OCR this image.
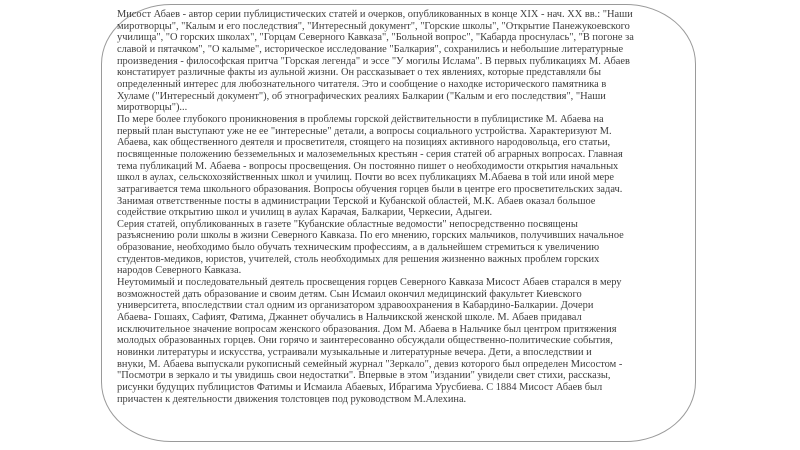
Мисост Абаев - автор серии публицистических статей и очерков, опубликованных в конце XIX - нач. XX вв.: "Наши
миротворцы", "Калым и его последствия", "Интересный документ", "Горские школы", "Открытие Панежукоевского
училища", "О горских школах", "Горцам Северного Кавказа", "Больной вопрос", "Кабарда проснулась", "В погоне за
славой и пятачком", "О калыме", историческое исследование "Балкария", сохранились и небольшие литературные
произведения - философская притча "Горская легенда" и эссе "У могилы Ислама". В первых публикациях М. Абаев
констатирует различные факты из аульной жизни. Он рассказывает о тех явлениях, которые представляли бы
определенный интерес для любознательного читателя. Это и сообщение о находке исторического памятника в
Хуламе ("Интересный документ"), об этнографических реалиях Балкарии ("Калым и его последствия", "Наши
миротворцы")...
По мере более глубокого проникновения в проблемы горской действительности в публицистике М. Абаева на
первый план выступают уже не ее "интересные" детали, а вопросы социального устройства. Характеризуют М.
Абаева, как общественного деятеля и просветителя, стоящего на позициях активного народовольца, его статьи,
посвященные положению безземельных и малоземельных крестьян - серия статей об аграрных вопросах. Главная
тема публикаций М. Абаева - вопросы просвещения. Он постоянно пишет о необходимости открытия начальных
школ в аулах, сельскохозяйственных школ и училищ. Почти во всех публикациях М.Абаева в той или иной мере
затрагивается тема школьного образования. Вопросы обучения горцев были в центре его просветительских задач.
Занимая ответственные посты в администрации Терской и Кубанской областей, М.К. Абаев оказал большое
содействие открытию школ и училищ в аулах Карачая, Балкарии, Черкесии, Адыгеи.
Серия статей, опубликованных в газете "Кубанские областные ведомости" непосредственно посвящены
разъяснению роли школы в жизни Северного Кавказа. По его мнению, горских мальчиков, получивших начальное
образование, необходимо было обучать техническим профессиям, а в дальнейшем стремиться к увеличению
студентов-медиков, юристов, учителей, столь необходимых для решения жизненно важных проблем горских
народов Северного Кавказа.
Неутомимый и последовательный деятель просвещения горцев Северного Кавказа Мисост Абаев старался в меру
возможностей дать образование и своим детям. Сын Исмаил окончил медицинский факультет Киевского
университета, впоследствии стал одним из организатором здравоохранения в Кабардино-Балкарии. Дочери
Абаева- Гошаях, Сафият, Фатима, Джаннет обучались в Нальчикской женской школе. М. Абаев придавал
исключительное значение вопросам женского образования. Дом М. Абаева в Нальчике был центром притяжения
молодых образованных горцев. Они горячо и заинтересованно обсуждали общественно-политические события,
новинки литературы и искусства, устраивали музыкальные и литературные вечера. Дети, а впоследствии и
внуки, М. Абаева выпускали рукописный семейный журнал "Зеркало", девиз которого был определен Мисостом -
"Посмотри в зеркало и ты увидишь свои недостатки". Впервые в этом "издании" увидели свет стихи, рассказы,
рисунки будущих публицистов Фатимы и Исмаила Абаевых, Ибрагима Урусбиева. С 1884 Мисост Абаев был
причастен к деятельности движения толстовцев под руководством М.Алехина.
